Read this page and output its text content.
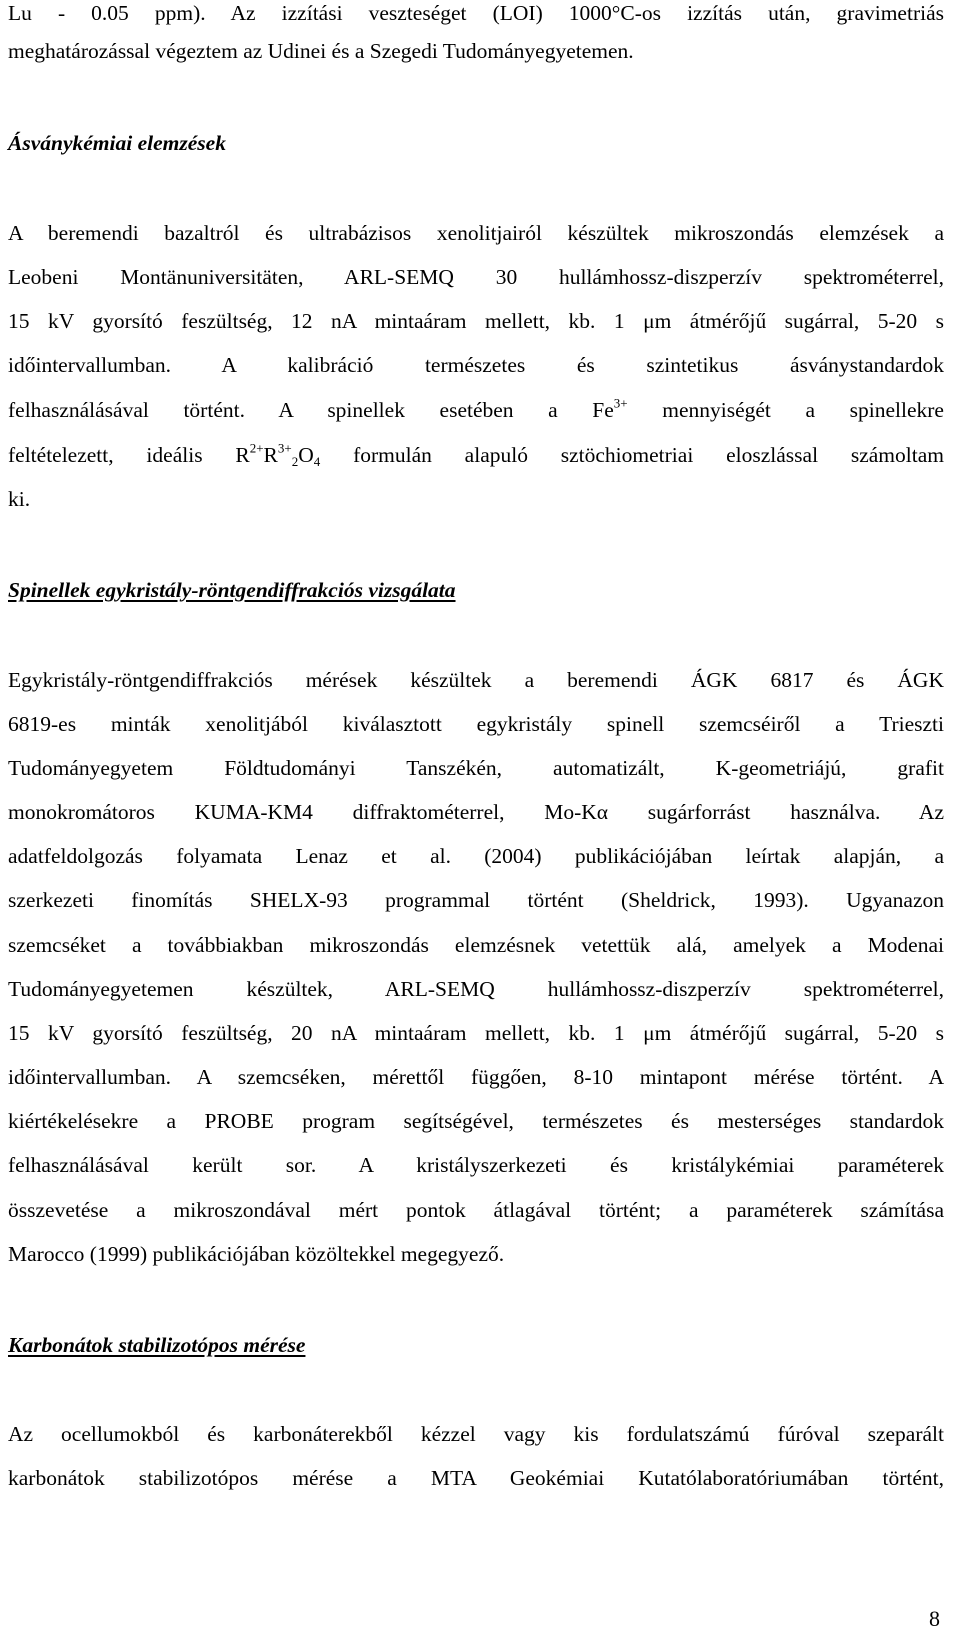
Lu - 0.05 ppm). Az izzítási veszteséget (LOI) 1000°C-os izzítás után, gravimetriás
meghatározással végeztem az Udinei és a Szegedi Tudományegyetemen.
Ásványkémiai elemzések
A beremendi bazaltról és ultrabázisos xenolitjairól készültek mikroszondás elemzések a
Leobeni Montänuniversitäten, ARL-SEMQ 30 hullámhossz-diszperzív spektrométerrel,
15 kV gyorsító feszültség, 12 nA mintaáram mellett, kb. 1 μm átmérőjű sugárral, 5-20 s
időintervallumban. A kalibráció természetes és szintetikus ásványstandardok
felhasználásával történt. A spinellek esetében a $Fe^{3+}$ mennyiségét a spinellekre
feltételezett, ideális $R^{2+}R^{3+}_2O_4$ formulán alapuló sztöchiometriai eloszlással számoltam
ki.
Spinellek egykristály-röntgendiffrakciós vizsgálata
Egykristály-röntgendiffrakciós mérések készültek a beremendi ÁGK 6817 és ÁGK
6819-es minták xenolitjából kiválasztott egykristály spinell szemcséiről a Trieszti
Tudományegyetem Földtudományi Tanszékén, automatizált, K-geometriájú, grafit
monokromátoros KUMA-KM4 diffraktométerrel, Mo-Kα sugárforrást használva. Az
adatfeldolgozás folyamata Lenaz et al. (2004) publikációjában leírtak alapján, a
szerkezeti finomítás SHELX-93 programmal történt (Sheldrick, 1993). Ugyanazon
szemcséket a továbbiakban mikroszondás elemzésnek vetettük alá, amelyek a Modenai
Tudományegyetemen készültek, ARL-SEMQ hullámhossz-diszperzív spektrométerrel,
15 kV gyorsító feszültség, 20 nA mintaáram mellett, kb. 1 μm átmérőjű sugárral, 5-20 s
időintervallumban. A szemcséken, mérettől függően, 8-10 mintapont mérése történt. A
kiértékelésekre a PROBE program segítségével, természetes és mesterséges standardok
felhasználásával került sor. A kristályszerkezeti és kristálykémiai paraméterek
összevetése a mikroszondával mért pontok átlagával történt; a paraméterek számítása
Marocco (1999) publikációjában közöltekkel megegyező.
Karbonátok stabilizotópos mérése
Az ocellumokból és karbonáterekből kézzel vagy kis fordulatszámú fúróval szeparált
karbonátok stabilizotópos mérése a MTA Geokémiai Kutatólaboratóriumában történt,
8
